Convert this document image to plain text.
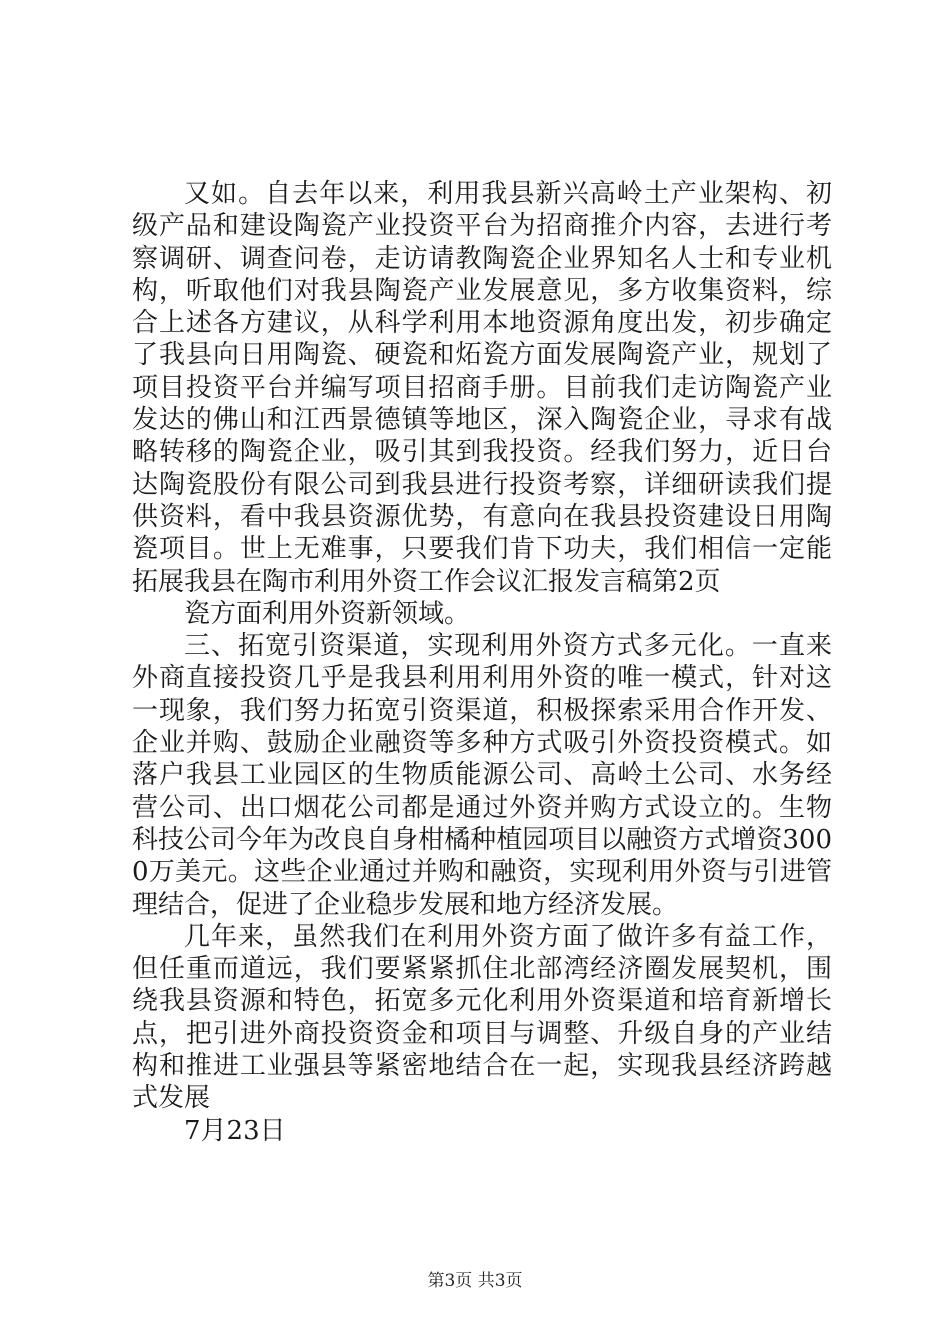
又如。自去年以来，利用我县新兴高岭土产业架构、初级产品和建设陶瓷产业投资平台为招商推介内容，去进行考察调研、调查问卷，走访请教陶瓷企业界知名人士和专业机构，听取他们对我县陶瓷产业发展意见，多方收集资料，综合上述各方建议，从科学利用本地资源角度出发，初步确定了我县向日用陶瓷、硬瓷和炻瓷方面发展陶瓷产业，规划了项目投资平台并编写项目招商手册。目前我们走访陶瓷产业发达的佛山和江西景德镇等地区，深入陶瓷企业，寻求有战略转移的陶瓷企业，吸引其到我投资。经我们努力，近日台达陶瓷股份有限公司到我县进行投资考察，详细研读我们提供资料，看中我县资源优势，有意向在我县投资建设日用陶瓷项目。世上无难事，只要我们肯下功夫，我们相信一定能拓展我县在陶市利用外资工作会议汇报发言稿第2页

瓷方面利用外资新领域。

三、拓宽引资渠道，实现利用外资方式多元化。一直来外商直接投资几乎是我县利用利用外资的唯一模式，针对这一现象，我们努力拓宽引资渠道，积极探索采用合作开发、企业并购、鼓励企业融资等多种方式吸引外资投资模式。如落户我县工业园区的生物质能源公司、高岭土公司、水务经营公司、出口烟花公司都是通过外资并购方式设立的。生物科技公司今年为改良自身柑橘种植园项目以融资方式增资3000万美元。这些企业通过并购和融资，实现利用外资与引进管理结合，促进了企业稳步发展和地方经济发展。

几年来，虽然我们在利用外资方面了做许多有益工作，但任重而道远，我们要紧紧抓住北部湾经济圈发展契机，围绕我县资源和特色，拓宽多元化利用外资渠道和培育新增长点，把引进外商投资资金和项目与调整、升级自身的产业结构和推进工业强县等紧密地结合在一起，实现我县经济跨越式发展

7月23日

第3页 共3页
